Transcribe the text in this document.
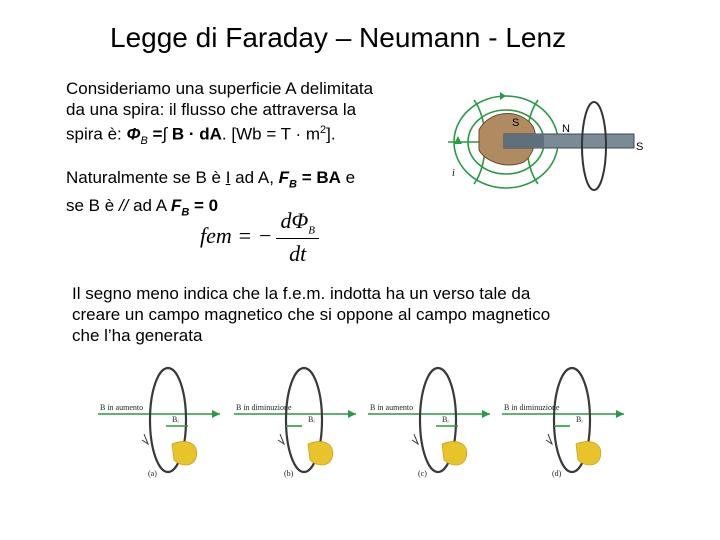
Legge di Faraday – Neumann - Lenz
Consideriamo una superficie A delimitata
da una spira: il flusso che attraversa la
spira è: $\Phi_B$ =∫ B · dA. $[Wb = T \cdot m^2]$.
Naturalmente se B è I ad A, $F_B$ = BA e
se B è // ad A $F_B = 0$
fem = − $\frac{d\Phi_B}{dt}$
Il segno meno indica che la f.e.m. indotta ha un verso tale da
creare un campo magnetico che si oppone al campo magnetico
che l’ha generata
S	N
S
i
B in aumento
Bᵢ
(a)
B in diminuzione
Bᵢ
(b)
B in aumento
Bᵢ
(c)
B in diminuzione
Bᵢ
(d)
